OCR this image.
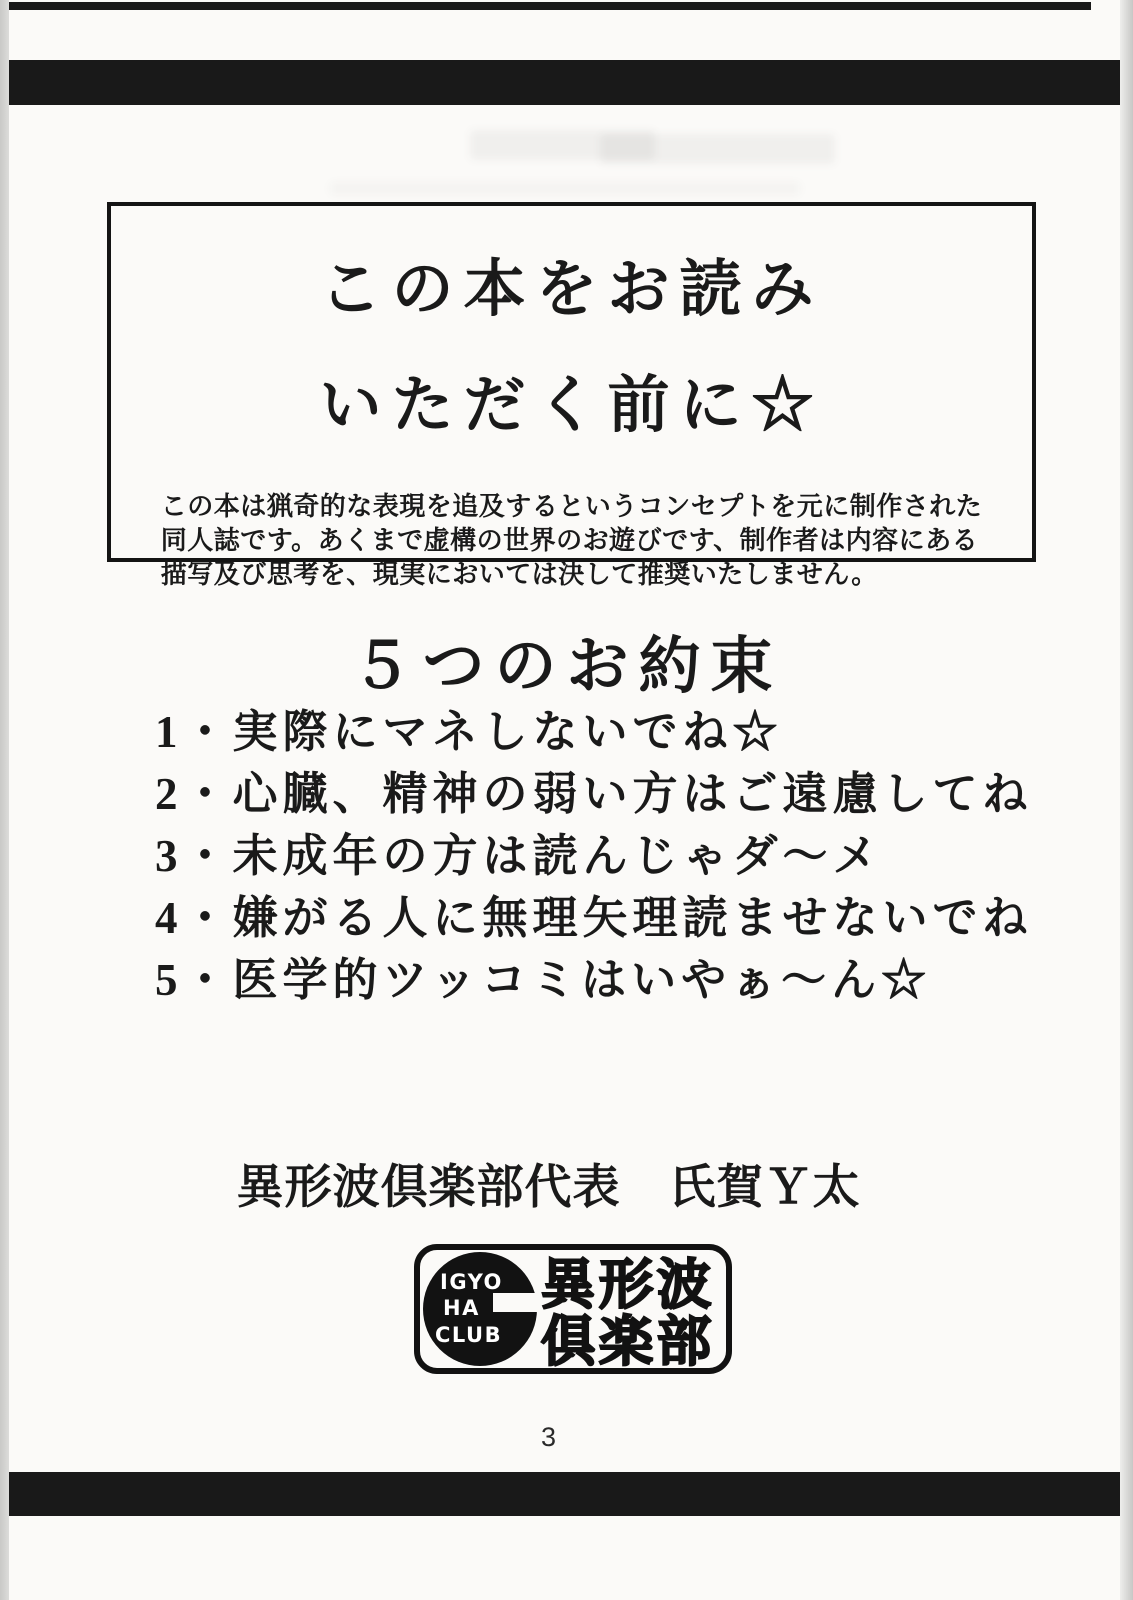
この本をお読み
いただく前に☆
この本は猟奇的な表現を追及するというコンセプトを元に制作された
同人誌です。あくまで虚構の世界のお遊びです、制作者は内容にある
描写及び思考を、現実においては決して推奨いたしません。
５つのお約束
1・実際にマネしないでね☆
2・心臓、精神の弱い方はご遠慮してね
3・未成年の方は読んじゃダ～メ
4・嫌がる人に無理矢理読ませないでね
5・医学的ツッコミはいやぁ～ん☆
異形波倶楽部代表　氏賀Ｙ太
IGYO
HA
CLUB
異形波
倶楽部
3
